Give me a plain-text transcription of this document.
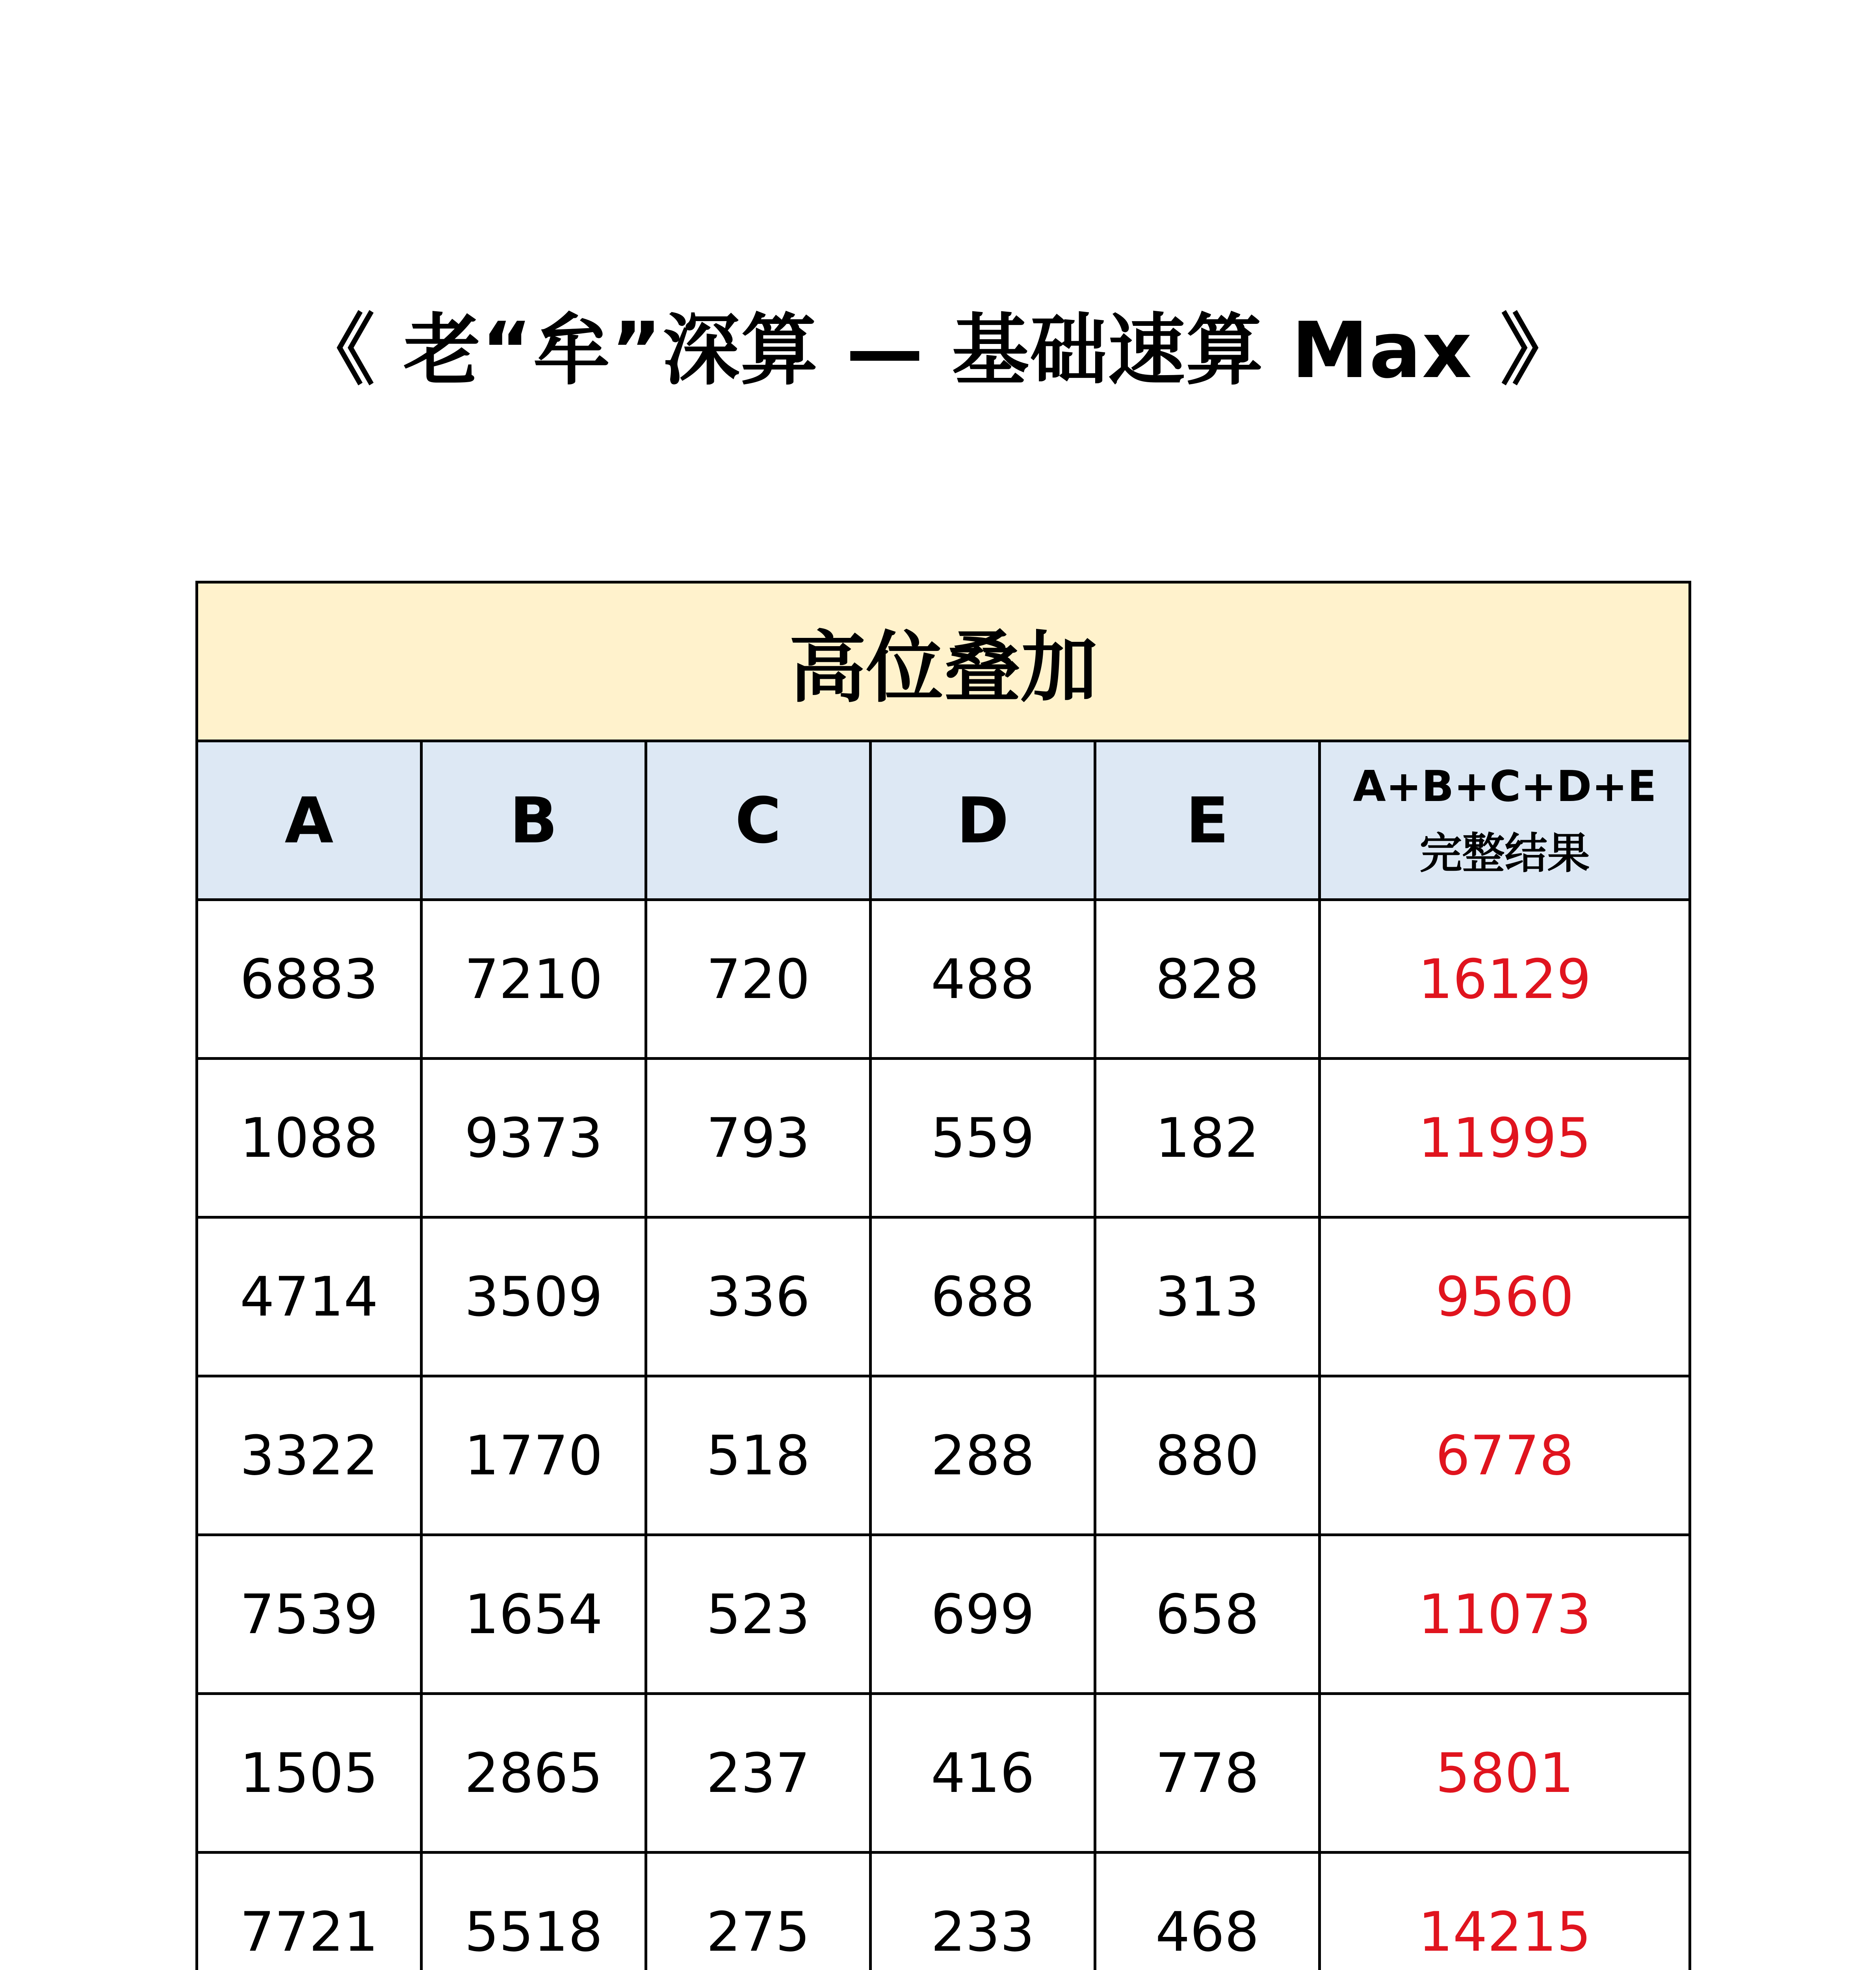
《 老“牟”深算 — 基础速算 Max 》
高位叠加					
A	B	C	D	E	A+B+C+D+E
完整结果

6883	7210	720	488	828	16129
1088	9373	793	559	182	11995
4714	3509	336	688	313	9560
3322	1770	518	288	880	6778
7539	1654	523	699	658	11073
1505	2865	237	416	778	5801
7721	5518	275	233	468	14215
